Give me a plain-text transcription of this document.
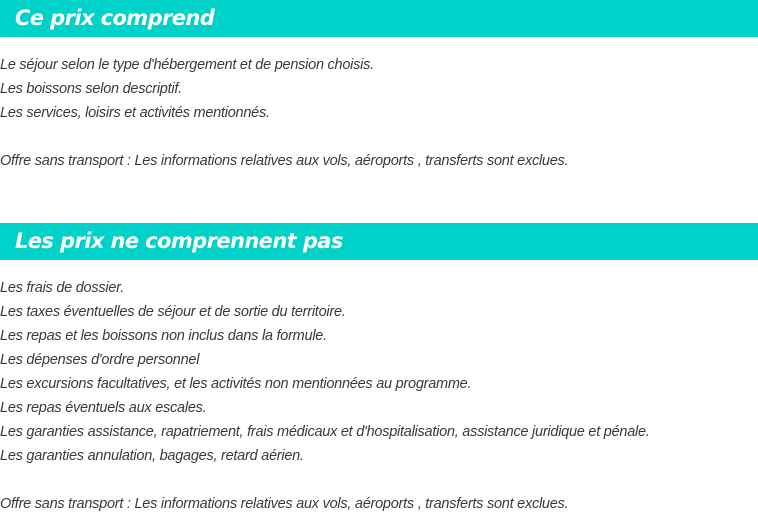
Ce prix comprend
Le séjour selon le type d'hébergement et de pension choisis.
Les boissons selon descriptif.
Les services, loisirs et activités mentionnés.

Offre sans transport : Les informations relatives aux vols, aéroports , transferts sont exclues.

Les prix ne comprennent pas
Les frais de dossier.
Les taxes éventuelles de séjour et de sortie du territoire.
Les repas et les boissons non inclus dans la formule.
Les dépenses d'ordre personnel
Les excursions facultatives, et les activités non mentionnées au programme.
Les repas éventuels aux escales.
Les garanties assistance, rapatriement, frais médicaux et d'hospitalisation, assistance juridique et pénale.
Les garanties annulation, bagages, retard aérien.

Offre sans transport : Les informations relatives aux vols, aéroports , transferts sont exclues.
